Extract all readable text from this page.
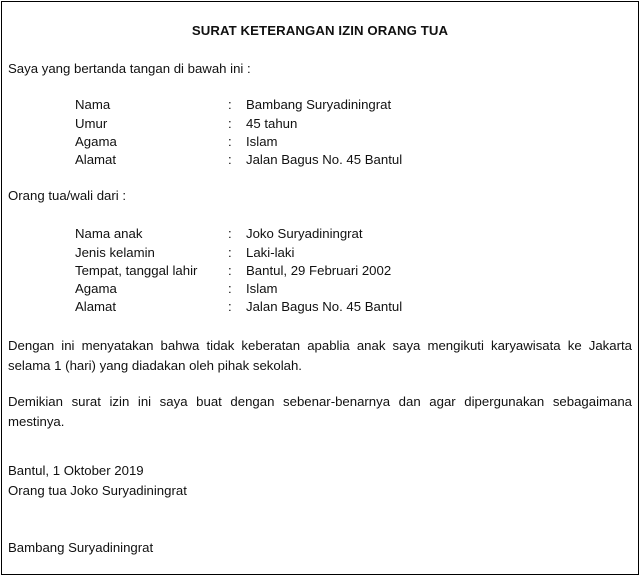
SURAT KETERANGAN IZIN ORANG TUA
Saya yang bertanda tangan di bawah ini :
Nama	: Bambang Suryadiningrat
Umur	: 45 tahun
Agama	: Islam
Alamat	: Jalan Bagus No. 45 Bantul
Orang tua/wali dari :
Nama anak	: Joko Suryadiningrat
Jenis kelamin	: Laki-laki
Tempat, tanggal lahir : Bantul, 29 Februari 2002
Agama	: Islam
Alamat	: Jalan Bagus No. 45 Bantul
Dengan ini menyatakan bahwa tidak keberatan apablia anak saya mengikuti karyawisata ke Jakarta selama 1 (hari) yang diadakan oleh pihak sekolah.
Demikian surat izin ini saya buat dengan sebenar-benarnya dan agar dipergunakan sebagaimana mestinya.
Bantul, 1 Oktober 2019
Orang tua Joko Suryadiningrat
Bambang Suryadiningrat
